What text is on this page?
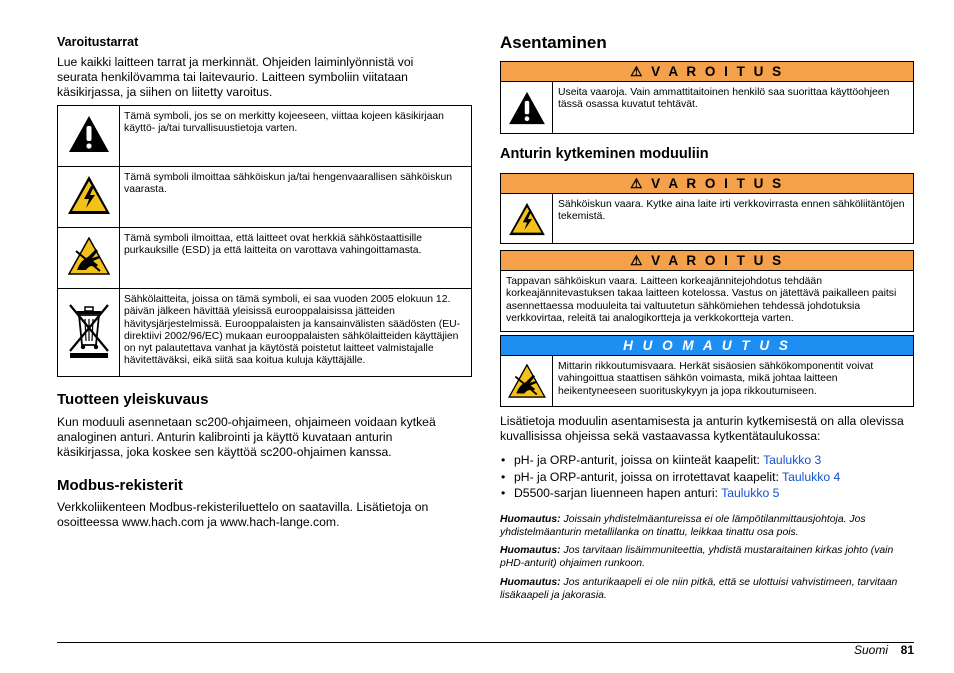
Varoitustarrat

Lue kaikki laitteen tarrat ja merkinnät. Ohjeiden laiminlyönnistä voi seurata henkilövamma tai laitevaurio. Laitteen symboliin viitataan käsikirjassa, ja siihen on liitetty varoitus.

	Tämä symboli, jos se on merkitty kojeeseen, viittaa kojeen käsikirjaan käyttö- ja/tai turvallisuustietoja varten.
	Tämä symboli ilmoittaa sähköiskun ja/tai hengenvaarallisen sähköiskun vaarasta.
	Tämä symboli ilmoittaa, että laitteet ovat herkkiä sähköstaattisille purkauksille (ESD) ja että laitteita on varottava vahingoittamasta.
	Sähkölaitteita, joissa on tämä symboli, ei saa vuoden 2005 elokuun 12. päivän jälkeen hävittää yleisissä eurooppalaisissa jätteiden hävitysjärjestelmissä. Eurooppalaisten ja kansainvälisten säädösten (EU-direktiivi 2002/96/EC) mukaan eurooppalaisten sähkölaitteiden käyttäjien on nyt palautettava vanhat ja käytöstä poistetut laitteet valmistajalle hävitettäväksi, eikä siitä saa koitua kuluja käyttäjälle.
Tuotteen yleiskuvaus

Kun moduuli asennetaan sc200-ohjaimeen, ohjaimeen voidaan kytkeä analoginen anturi. Anturin kalibrointi ja käyttö kuvataan anturin käsikirjassa, joka koskee sen käyttöä sc200-ohjaimen kanssa.

Modbus-rekisterit

Verkkoliikenteen Modbus-rekisteriluettelo on saatavilla. Lisätietoja on osoitteessa www.hach.com ja www.hach-lange.com.

Asentaminen
⚠ V A R O I T U S
Useita vaaroja. Vain ammattitaitoinen henkilö saa suorittaa käyttöohjeen tässä osassa kuvatut tehtävät.
Anturin kytkeminen moduuliin
⚠ V A R O I T U S
Sähköiskun vaara. Kytke aina laite irti verkkovirrasta ennen sähköliitäntöjen tekemistä.
⚠ V A R O I T U S
Tappavan sähköiskun vaara. Laitteen korkeajännitejohdotus tehdään korkeajännitevastuksen takaa laitteen kotelossa. Vastus on jätettävä paikalleen paitsi asennettaessa moduuleita tai valtuutetun sähkömiehen tehdessä johdotuksia verkkovirtaa, releitä tai analogikortteja ja verkkokortteja varten.
H U O M A U T U S
Mittarin rikkoutumisvaara. Herkät sisäosien sähkökomponentit voivat vahingoittua staattisen sähkön voimasta, mikä johtaa laitteen heikentyneeseen suorituskykyyn ja jopa rikkoutumiseen.

Lisätietoja moduulin asentamisesta ja anturin kytkemisestä on alla olevissa kuvallisissa ohjeissa sekä vastaavassa kytkentätaulukossa:

• pH- ja ORP-anturit, joissa on kiinteät kaapelit: Taulukko 3
• pH- ja ORP-anturit, joissa on irrotettavat kaapelit: Taulukko 4
• D5500-sarjan liuenneen hapen anturi: Taulukko 5

Huomautus: Joissain yhdistelmäantureissa ei ole lämpötilanmittausjohtoja. Jos yhdistelmäanturin metallilanka on tinattu, leikkaa tinattu osa pois.

Huomautus: Jos tarvitaan lisäimmuniteettia, yhdistä mustaraitainen kirkas johto (vain pHD-anturit) ohjaimen runkoon.

Huomautus: Jos anturikaapeli ei ole niin pitkä, että se ulottuisi vahvistimeen, tarvitaan lisäkaapeli ja jakorasia.

Suomi 81
